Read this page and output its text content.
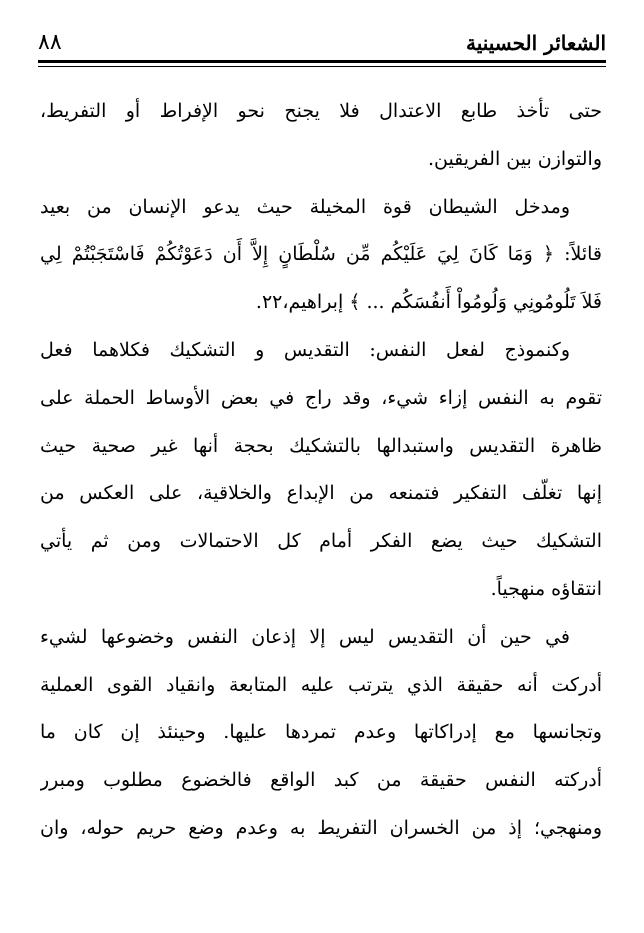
٨٨	الشعائر الحسينية
حتى تأخذ طابع الاعتدال فلا يجنح نحو الإفراط أو التفريط،
والتوازن بين الفريقين.
ومدخل الشيطان قوة المخيلة حيث يدعو الإنسان من بعيد
قائلاً: ﴿ وَمَا كَانَ لِيَ عَلَيْكُم مِّن سُلْطَانٍ إِلاَّ أَن دَعَوْتُكُمْ فَاسْتَجَبْتُمْ لِي
فَلاَ تَلُومُونِي وَلُومُواْ أَنفُسَكُم ... ﴾ إبراهيم،٢٢.
وكنموذج لفعل النفس: التقديس و التشكيك فكلاهما فعل
تقوم به النفس إزاء شيء، وقد راج في بعض الأوساط الحملة على
ظاهرة التقديس واستبدالها بالتشكيك بحجة أنها غير صحية حيث
إنها تغلّف التفكير فتمنعه من الإبداع والخلاقية، على العكس من
التشكيك حيث يضع الفكر أمام كل الاحتمالات ومن ثم يأتي
انتقاؤه منهجياً.
في حين أن التقديس ليس إلا إذعان النفس وخضوعها لشيء
أدركت أنه حقيقة الذي يترتب عليه المتابعة وانقياد القوى العملية
وتجانسها مع إدراكاتها وعدم تمردها عليها. وحينئذ إن كان ما
أدركته النفس حقيقة من كبد الواقع فالخضوع مطلوب ومبرر
ومنهجي؛ إذ من الخسران التفريط به وعدم وضع حريم حوله، وان
